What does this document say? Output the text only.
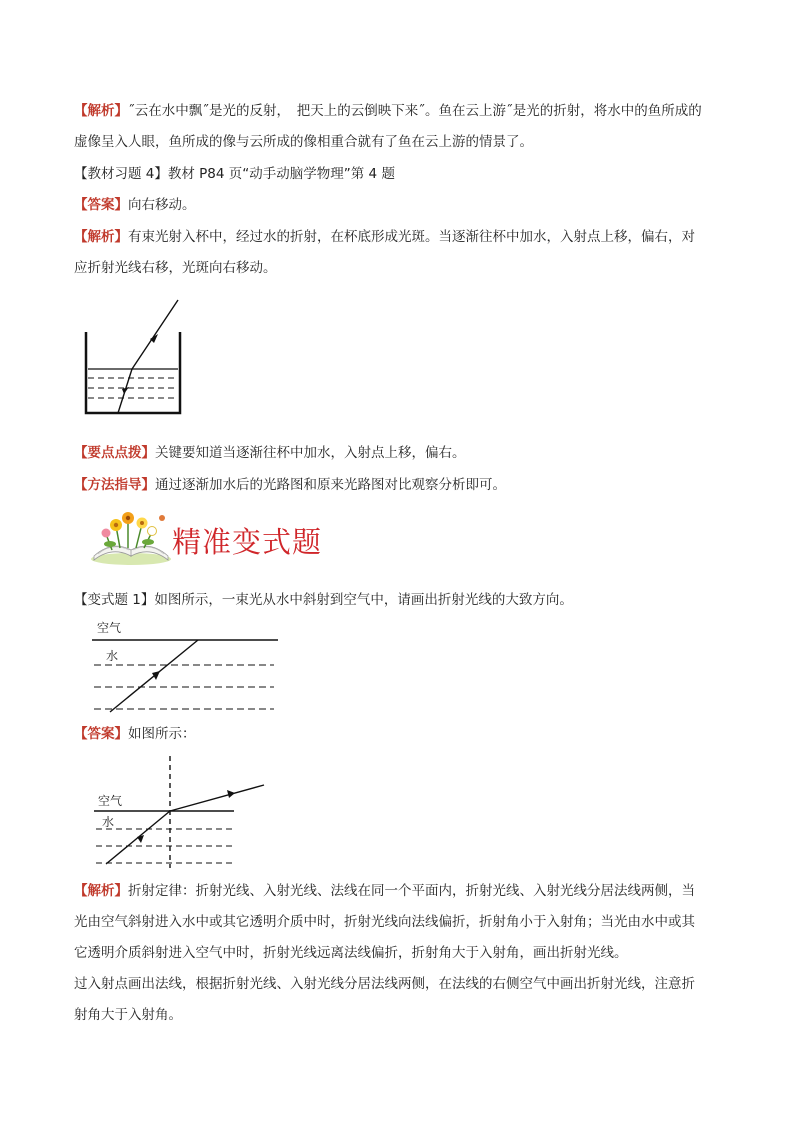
【解析】˝云在水中飘˝是光的反射，　把天上的云倒映下来˝。鱼在云上游˝是光的折射，将水中的鱼所成的
虚像呈入人眼，鱼所成的像与云所成的像相重合就有了鱼在云上游的情景了。
【教材习题 4】教材 P84 页“动手动脑学物理”第 4 题
【答案】向右移动。
【解析】有束光射入杯中，经过水的折射，在杯底形成光斑。当逐渐往杯中加水，入射点上移，偏右，对
应折射光线右移，光斑向右移动。
【要点点拨】关键要知道当逐渐往杯中加水，入射点上移，偏右。
【方法指导】通过逐渐加水后的光路图和原来光路图对比观察分析即可。
精准变式题
【变式题 1】如图所示，一束光从水中斜射到空气中，请画出折射光线的大致方向。
空气
水
【答案】如图所示：
空气
水
【解析】折射定律：折射光线、入射光线、法线在同一个平面内，折射光线、入射光线分居法线两侧，当
光由空气斜射进入水中或其它透明介质中时，折射光线向法线偏折，折射角小于入射角；当光由水中或其
它透明介质斜射进入空气中时，折射光线远离法线偏折，折射角大于入射角，画出折射光线。
过入射点画出法线，根据折射光线、入射光线分居法线两侧，在法线的右侧空气中画出折射光线，注意折
射角大于入射角。
